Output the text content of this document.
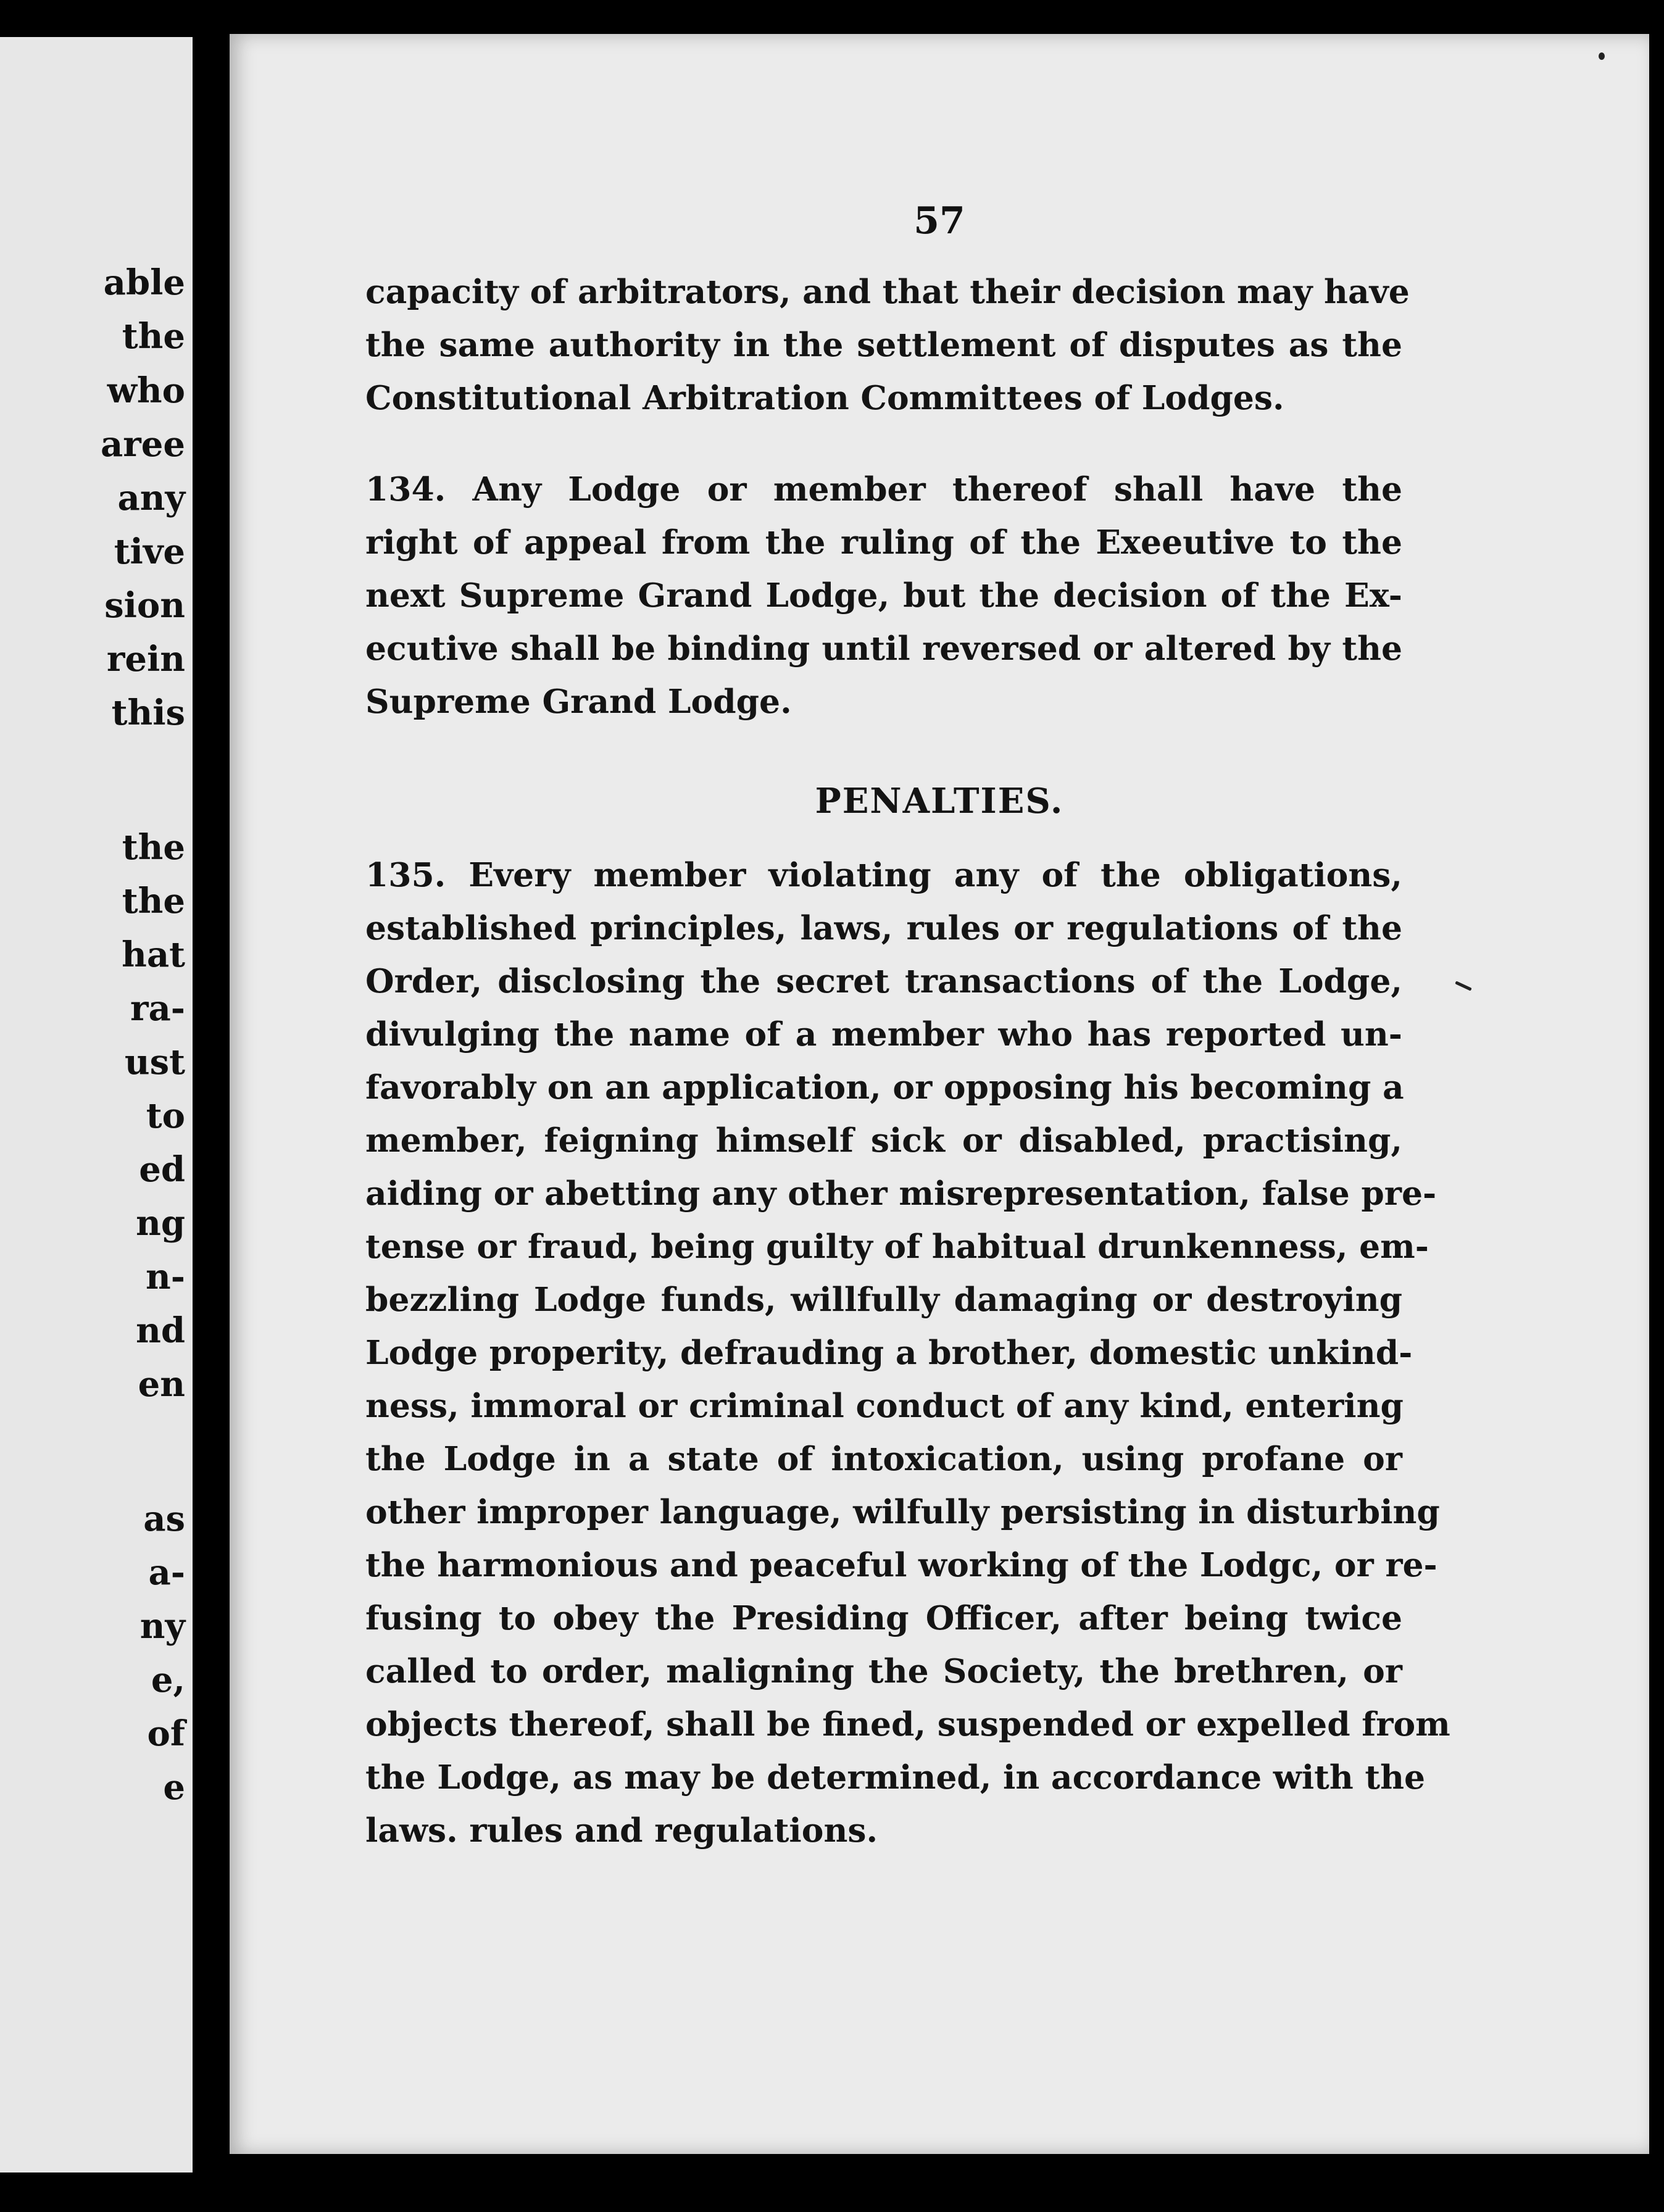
able
the
who
aree
any
tive
sion
rein
this
the
the
hat
ra-
ust
to
ed
ng
n-
nd
en
as
a-
ny
e,
of
e
57
capacity of arbitrators, and that their decision may have
the same authority in the settlement of disputes as the
Constitutional Arbitration Committees of Lodges.
134. Any Lodge or member thereof shall have the
right of appeal from the ruling of the Exeeutive to the
next Supreme Grand Lodge, but the decision of the Ex-
ecutive shall be binding until reversed or altered by the
Supreme Grand Lodge.
PENALTIES.
135. Every member violating any of the obligations,
established principles, laws, rules or regulations of the
Order, disclosing the secret transactions of the Lodge,
divulging the name of a member who has reported un-
favorably on an application, or opposing his becoming a
member, feigning himself sick or disabled, practising,
aiding or abetting any other misrepresentation, false pre-
tense or fraud, being guilty of habitual drunkenness, em-
bezzling Lodge funds, willfully damaging or destroying
Lodge properity, defrauding a brother, domestic unkind-
ness, immoral or criminal conduct of any kind, entering
the Lodge in a state of intoxication, using profane or
other improper language, wilfully persisting in disturbing
the harmonious and peaceful working of the Lodgc, or re-
fusing to obey the Presiding Officer, after being twice
called to order, maligning the Society, the brethren, or
objects thereof, shall be fined, suspended or expelled from
the Lodge, as may be determined, in accordance with the
laws. rules and regulations.
